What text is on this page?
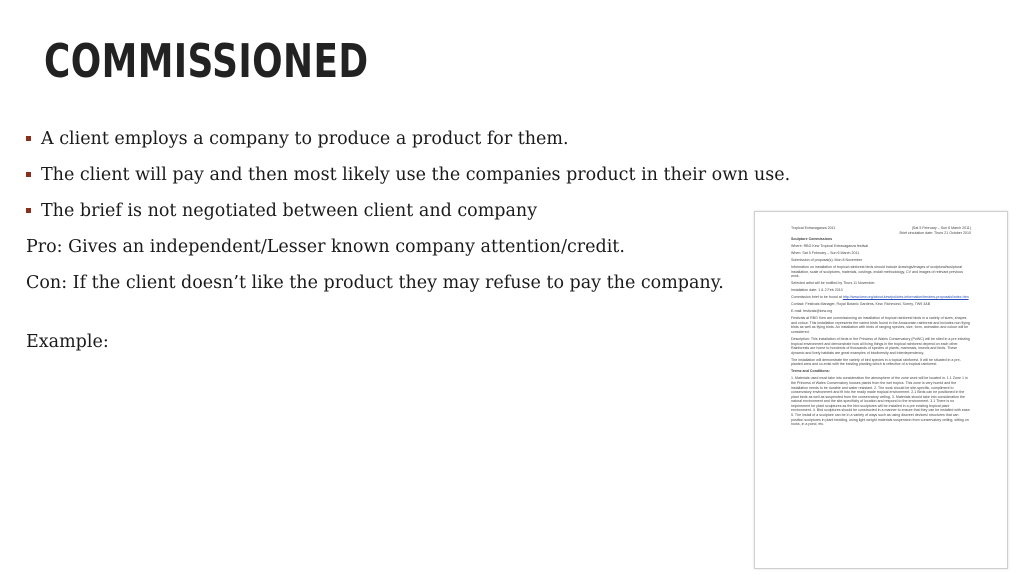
COMMISSIONED
A client employs a company to produce a product for them.
The client will pay and then most likely use the companies product in their own use.
The brief is not negotiated between client and company
Pro: Gives an independent/Lesser known company attention/credit.
Con: If the client doesn’t like the product they may refuse to pay the company.
Example:
Tropical Extravaganza 2011	(Sat 5 February – Sun 6 March 2011)
Brief circulation date: Thurs 21 October 2010

Sculpture Commissions

Where: RBG Kew Tropical Extravaganza festival

When: Sat 5 February – Sun 6 March 2011

Submission of proposal(s): Mon 8 November

Information on installation of tropical rainforest birds should include drawings/images of sculptural/sculptural installation, scale of sculptures, materials, costings, install methodology, CV and images of relevant previous work.

Selected artist will be notified by Thurs 11 November.

Installation date: 1 & 2 Feb 2010

Commission brief to be found at http://www.kew.org/about-kew/policies-information/tenders-proposals/index.htm

Contact: Festivals Manager, Royal Botanic Gardens, Kew, Richmond, Surrey, TW9 3AB

E-mail: festivals@kew.org

Festivals at RBG Kew are commissioning an installation of tropical rainforest birds in a variety of sizes, shapes and colour. This installation represents the varied birds found in the Amazonian rainforest and includes non flying birds as well as flying birds. An installation with birds of ranging species, size, form, animation and colour will be considered.

Description: This installation of birds in the Princess of Wales Conservatory (PoWC) will be sited in a pre existing tropical environment and demonstrate how all living things in the tropical rainforest depend on each other. Rainforests are home to hundreds of thousands of species of plants, mammals, insects and birds. These dynamic and lively habitats are great examples of biodiversity and interdependency.

The installation will demonstrate the variety of bird species in a topical rainforest. It will be situated in a pre-planted area and co-exist with the existing planting which is reflective of a tropical rainforest.

Terms and Conditions:

1. Materials used must take into consideration the atmosphere of the zone work will be located in. 1.1 Zone 1 in the Princess of Wales Conservatory houses plants from the wet tropics. This zone is very humid and the installation needs to be durable and water resistant. 2. The work should be site-specific, compliment to conservatory environment and fit into the ready made tropical environment. 2.1 Birds can be positioned in the plant beds as well as suspended from the conservatory ceiling. 3. Materials should take into consideration the natural environment and the site-specificity of location and respond to the environment. 3.1 There is no requirement for plant sculptures as the bird sculptures will be installed in a pre existing tropical plant environment. 4. Bird sculptures should be constructed in a manner to ensure that they can be installed with ease. 5. The install of a sculpture can be in a variety of ways such as using discreet devices/ structures that can position sculptures in plant bedding, using light weight materials suspension from conservatory ceiling, sitting on rocks, in a pond, etc.
